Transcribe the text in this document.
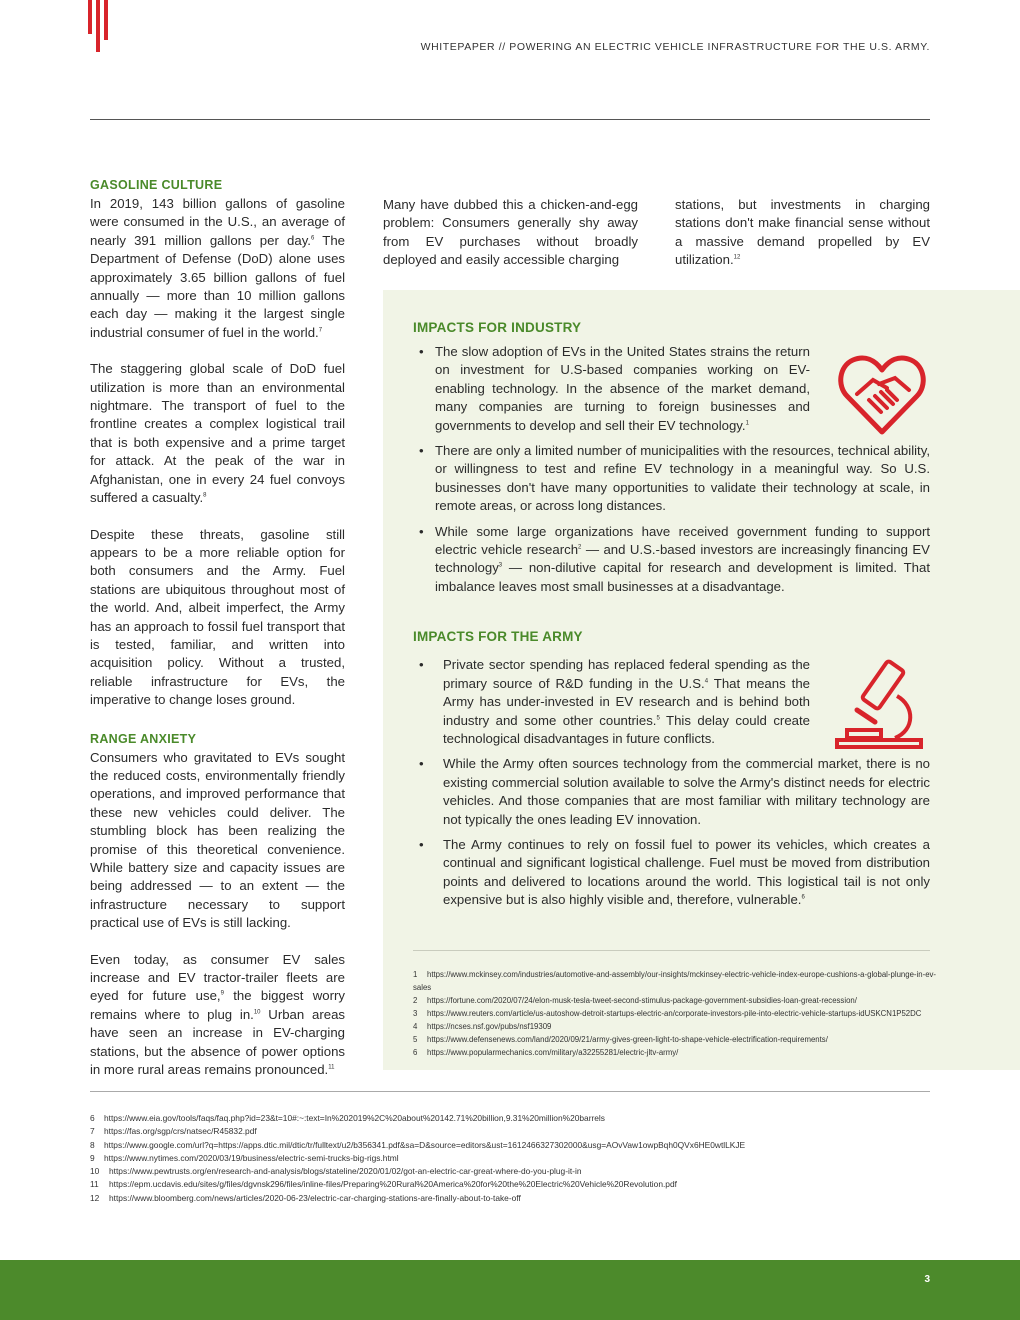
WHITEPAPER // POWERING AN ELECTRIC VEHICLE INFRASTRUCTURE FOR THE U.S. ARMY.
GASOLINE CULTURE

In 2019, 143 billion gallons of gasoline were consumed in the U.S., an average of nearly 391 million gallons per day.$^6$ The Department of Defense (DoD) alone uses approximately 3.65 billion gallons of fuel annually — more than 10 million gallons each day — making it the largest single industrial consumer of fuel in the world.$^7$

The staggering global scale of DoD fuel utilization is more than an environmental nightmare. The transport of fuel to the frontline creates a complex logistical trail that is both expensive and a prime target for attack. At the peak of the war in Afghanistan, one in every 24 fuel convoys suffered a casualty.$^8$

Despite these threats, gasoline still appears to be a more reliable option for both consumers and the Army. Fuel stations are ubiquitous throughout most of the world. And, albeit imperfect, the Army has an approach to fossil fuel transport that is tested, familiar, and written into acquisition policy. Without a trusted, reliable infrastructure for EVs, the imperative to change loses ground.

RANGE ANXIETY

Consumers who gravitated to EVs sought the reduced costs, environmentally friendly operations, and improved performance that these new vehicles could deliver. The stumbling block has been realizing the promise of this theoretical convenience. While battery size and capacity issues are being addressed — to an extent — the infrastructure necessary to support practical use of EVs is still lacking.

Even today, as consumer EV sales increase and EV tractor-trailer fleets are eyed for future use,$^9$ the biggest worry remains where to plug in.$^{10}$ Urban areas have seen an increase in EV-charging stations, but the absence of power options in more rural areas remains pronounced.$^{11}$

Many have dubbed this a chicken-and-egg problem: Consumers generally shy away from EV purchases without broadly deployed and easily accessible charging

stations, but investments in charging stations don't make financial sense without a massive demand propelled by EV utilization.$^{12}$

IMPACTS FOR INDUSTRY
• The slow adoption of EVs in the United States strains the return on investment for U.S-based companies working on EV-enabling technology. In the absence of the market demand, many companies are turning to foreign businesses and governments to develop and sell their EV technology.$^1$
• There are only a limited number of municipalities with the resources, technical ability, or willingness to test and refine EV technology in a meaningful way. So U.S. businesses don't have many opportunities to validate their technology at scale, in remote areas, or across long distances.
• While some large organizations have received government funding to support electric vehicle research$^2$ — and U.S.-based investors are increasingly financing EV technology$^3$ — non-dilutive capital for research and development is limited. That imbalance leaves most small businesses at a disadvantage.
IMPACTS FOR THE ARMY
•	Private sector spending has replaced federal spending as the primary source of R&D funding in the U.S.$^4$ That means the Army has under-invested in EV research and is behind both industry and some other countries.$^5$ This delay could create technological disadvantages in future conflicts.
•	While the Army often sources technology from the commercial market, there is no existing commercial solution available to solve the Army's distinct needs for electric vehicles. And those companies that are most familiar with military technology are not typically the ones leading EV innovation.
•	The Army continues to rely on fossil fuel to power its vehicles, which creates a continual and significant logistical challenge. Fuel must be moved from distribution points and delivered to locations around the world. This logistical tail is not only expensive but is also highly visible and, therefore, vulnerable.$^6$
1 https://www.mckinsey.com/industries/automotive-and-assembly/our-insights/mckinsey-electric-vehicle-index-europe-cushions-a-global-plunge-in-ev-sales
2 https://fortune.com/2020/07/24/elon-musk-tesla-tweet-second-stimulus-package-government-subsidies-loan-great-recession/
3 https://www.reuters.com/article/us-autoshow-detroit-startups-electric-an/corporate-investors-pile-into-electric-vehicle-startups-idUSKCN1P52DC
4 https://ncses.nsf.gov/pubs/nsf19309
5 https://www.defensenews.com/land/2020/09/21/army-gives-green-light-to-shape-vehicle-electrification-requirements/
6 https://www.popularmechanics.com/military/a32255281/electric-jltv-army/
6 https://www.eia.gov/tools/faqs/faq.php?id=23&t=10#:~:text=In%202019%2C%20about%20142.71%20billion,9.31%20million%20barrels
7 https://fas.org/sgp/crs/natsec/R45832.pdf
8 https://www.google.com/url?q=https://apps.dtic.mil/dtic/tr/fulltext/u2/b356341.pdf&sa=D&source=editors&ust=1612466327302000&usg=AOvVaw1owpBqh0QVx6HE0wtlLKJE
9 https://www.nytimes.com/2020/03/19/business/electric-semi-trucks-big-rigs.html
10 https://www.pewtrusts.org/en/research-and-analysis/blogs/stateline/2020/01/02/got-an-electric-car-great-where-do-you-plug-it-in
11 https://epm.ucdavis.edu/sites/g/files/dgvnsk296/files/inline-files/Preparing%20Rural%20America%20for%20the%20Electric%20Vehicle%20Revolution.pdf
12 https://www.bloomberg.com/news/articles/2020-06-23/electric-car-charging-stations-are-finally-about-to-take-off
3
